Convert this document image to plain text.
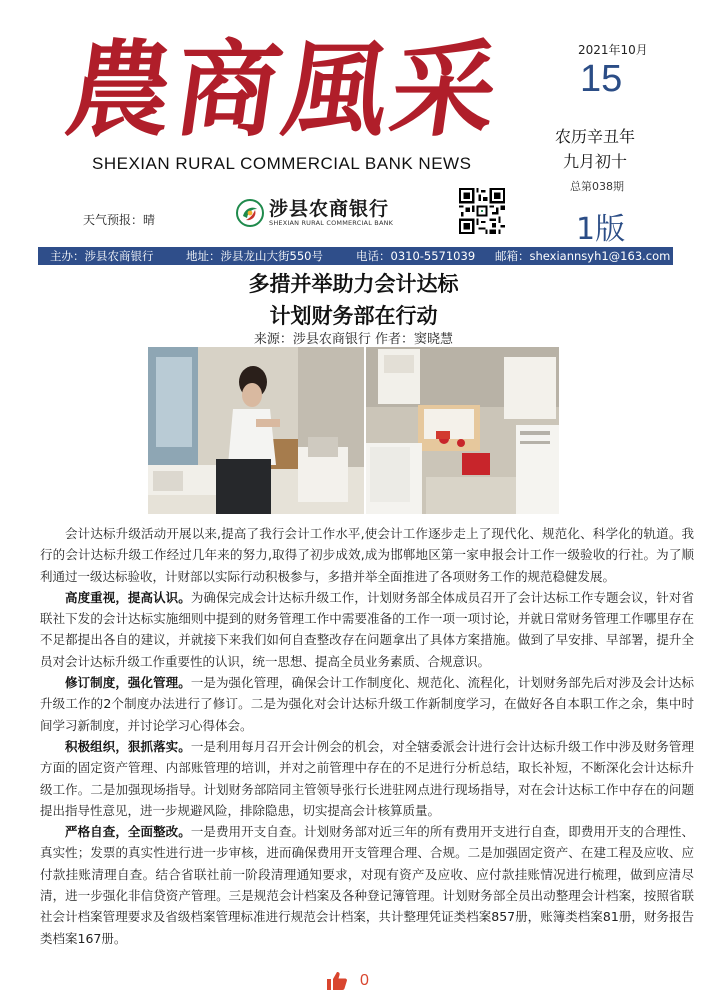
農商風采
SHEXIAN RURAL COMMERCIAL BANK NEWS
2021年10月
15
农历辛丑年
九月初十
总第038期
1版
天气预报：晴	涉县农商银行
SHEXIAN RURAL COMMERCIAL BANK
主办：涉县农商银行	地址：涉县龙山大街550号	电话：0310-5571039 邮箱：shexiannsyh1@163.com
多措并举助力会计达标
计划财务部在行动
来源：涉县农商银行 作者：窦晓慧

会计达标升级活动开展以来,提高了我行会计工作水平,使会计工作逐步走上了现代化、规范化、科学化的轨道。我行的会计达标升级工作经过几年来的努力,取得了初步成效,成为邯郸地区第一家申报会计工作一级验收的行社。为了顺利通过一级达标验收，计财部以实际行动积极参与，多措并举全面推进了各项财务工作的规范稳健发展。

高度重视，提高认识。为确保完成会计达标升级工作，计划财务部全体成员召开了会计达标工作专题会议，针对省联社下发的会计达标实施细则中提到的财务管理工作中需要准备的工作一项一项讨论，并就日常财务管理工作哪里存在不足都提出各自的建议，并就接下来我们如何自查整改存在问题拿出了具体方案措施。做到了早安排、早部署，提升全员对会计达标升级工作重要性的认识，统一思想、提高全员业务素质、合规意识。

修订制度，强化管理。一是为强化管理，确保会计工作制度化、规范化、流程化，计划财务部先后对涉及会计达标升级工作的2个制度办法进行了修订。二是为强化对会计达标升级工作新制度学习，在做好各自本职工作之余，集中时间学习新制度，并讨论学习心得体会。

积极组织，狠抓落实。一是利用每月召开会计例会的机会，对全辖委派会计进行会计达标升级工作中涉及财务管理方面的固定资产管理、内部账管理的培训，并对之前管理中存在的不足进行分析总结，取长补短，不断深化会计达标升级工作。二是加强现场指导。计划财务部陪同主管领导张行长进驻网点进行现场指导，对在会计达标工作中存在的问题提出指导性意见，进一步规避风险，排除隐患，切实提高会计核算质量。

严格自查，全面整改。一是费用开支自查。计划财务部对近三年的所有费用开支进行自查，即费用开支的合理性、真实性；发票的真实性进行进一步审核，进而确保费用开支管理合理、合规。二是加强固定资产、在建工程及应收、应付款挂账清理自查。结合省联社前一阶段清理通知要求，对现有资产及应收、应付款挂账情况进行梳理，做到应清尽清，进一步强化非信贷资产管理。三是规范会计档案及各种登记簿管理。计划财务部全员出动整理会计档案，按照省联社会计档案管理要求及省级档案管理标准进行规范会计档案，共计整理凭证类档案857册，账簿类档案81册，财务报告类档案167册。

0
